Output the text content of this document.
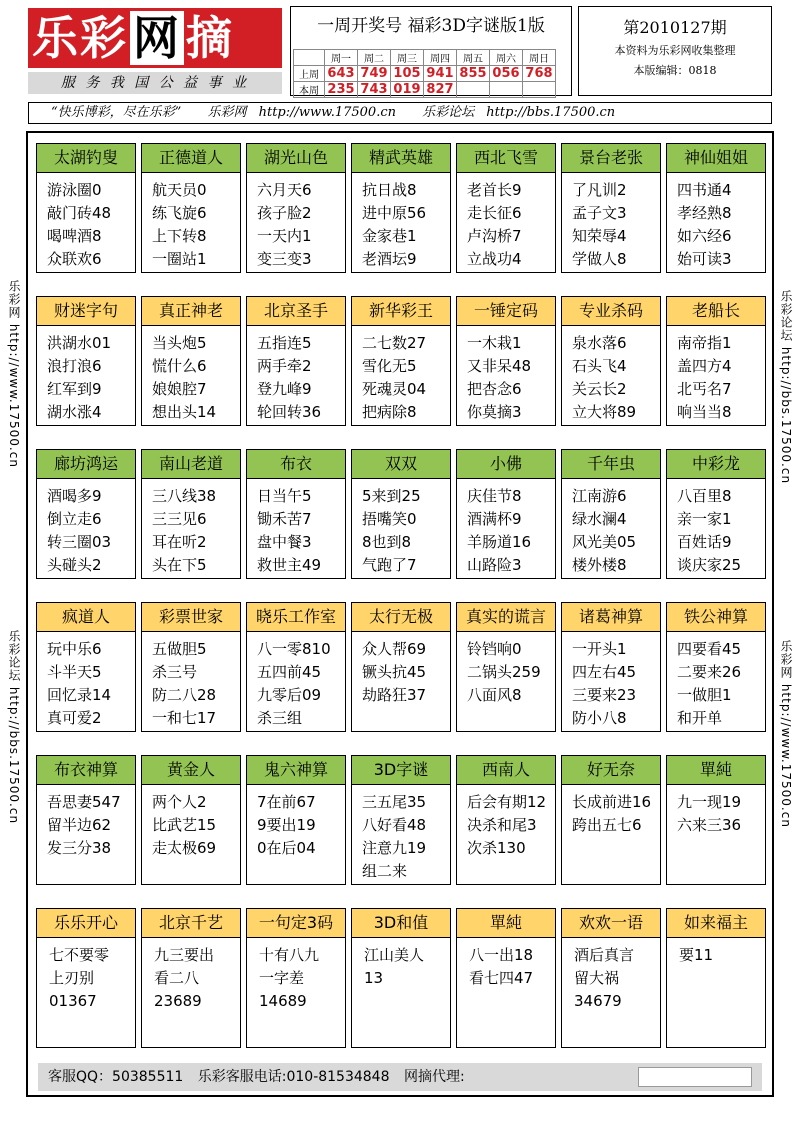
乐彩 网 摘
服 务 我 国 公 益 事 业
一周开奖号 福彩3D字谜版1版
	周一	周二	周三	周四	周五	周六	周日
上周	643	749	105	941	855	056	768
本周	235	743	019	827			
第2010127期
本资料为乐彩网收集整理
本版编辑：0818
“快乐博彩，尽在乐彩” 乐彩网 http://www.17500.cn 乐彩论坛 http://bbs.17500.cn
乐彩网 http://www.17500.cn
乐彩论坛 http://bbs.17500.cn
乐彩论坛 http://bbs.17500.cn
乐彩网 http://www.17500.cn
太湖钓叟
游泳圈0
敲门砖48
喝啤酒8
众联欢6
正德道人
航天员0
练飞旋6
上下转8
一圈站1
湖光山色
六月天6
孩子脸2
一天内1
变三变3
精武英雄
抗日战8
进中原56
金家巷1
老酒坛9
西北飞雪
老首长9
走长征6
卢沟桥7
立战功4
景台老张
了凡训2
孟子文3
知荣辱4
学做人8
神仙姐姐
四书通4
孝经熟8
如六经6
始可读3
财迷字句
洪湖水01
浪打浪6
红军到9
湖水涨4
真正神老
当头炮5
慌什么6
娘娘腔7
想出头14
北京圣手
五指连5
两手牵2
登九峰9
轮回转36
新华彩王
二七数27
雪化无5
死魂灵04
把病除8
一锤定码
一木栽1
又非呆48
把杏念6
你莫摘3
专业杀码
泉水落6
石头飞4
关云长2
立大将89
老船长
南帝指1
盖四方4
北丐名7
响当当8
廊坊鸿运
酒喝多9
倒立走6
转三圈03
头碰头2
南山老道
三八线38
三三见6
耳在听2
头在下5
布衣
日当午5
锄禾苦7
盘中餐3
救世主49
双双
5来到25
捂嘴笑0
8也到8
气跑了7
小佛
庆佳节8
酒满杯9
羊肠道16
山路险3
千年虫
江南游6
绿水澜4
风光美05
楼外楼8
中彩龙
八百里8
亲一家1
百姓话9
谈庆家25
疯道人
玩中乐6
斗半天5
回忆录14
真可爱2
彩票世家
五做胆5
杀三号
防二八28
一和七17
晓乐工作室
八一零810
五四前45
九零后09
杀三组
太行无极
众人帮69
镢头抗45
劫路狂37
真实的谎言
铃铛响0
二锅头259
八面风8
诸葛神算
一开头1
四左右45
三要来23
防小八8
铁公神算
四要看45
二要来26
一做胆1
和开单
布衣神算
吾思妻547
留半边62
发三分38
黄金人
两个人2
比武艺15
走太极69
鬼六神算
7在前67
9要出19
0在后04
3D字谜
三五尾35
八好看48
注意九19
组二来
西南人
后会有期12
决杀和尾3
次杀130
好无奈
长成前进16
跨出五七6
單純
九一现19
六来三36
乐乐开心
七不要零
上刃别
01367
北京千艺
九三要出
看二八
23689
一句定3码
十有八九
一字差
14689
3D和值
江山美人
13
單純
八一出18
看七四47
欢欢一语
酒后真言
留大祸
34679
如来福主
要11
客服QQ：50385511 乐彩客服电话:010-81534848 网摘代理:
